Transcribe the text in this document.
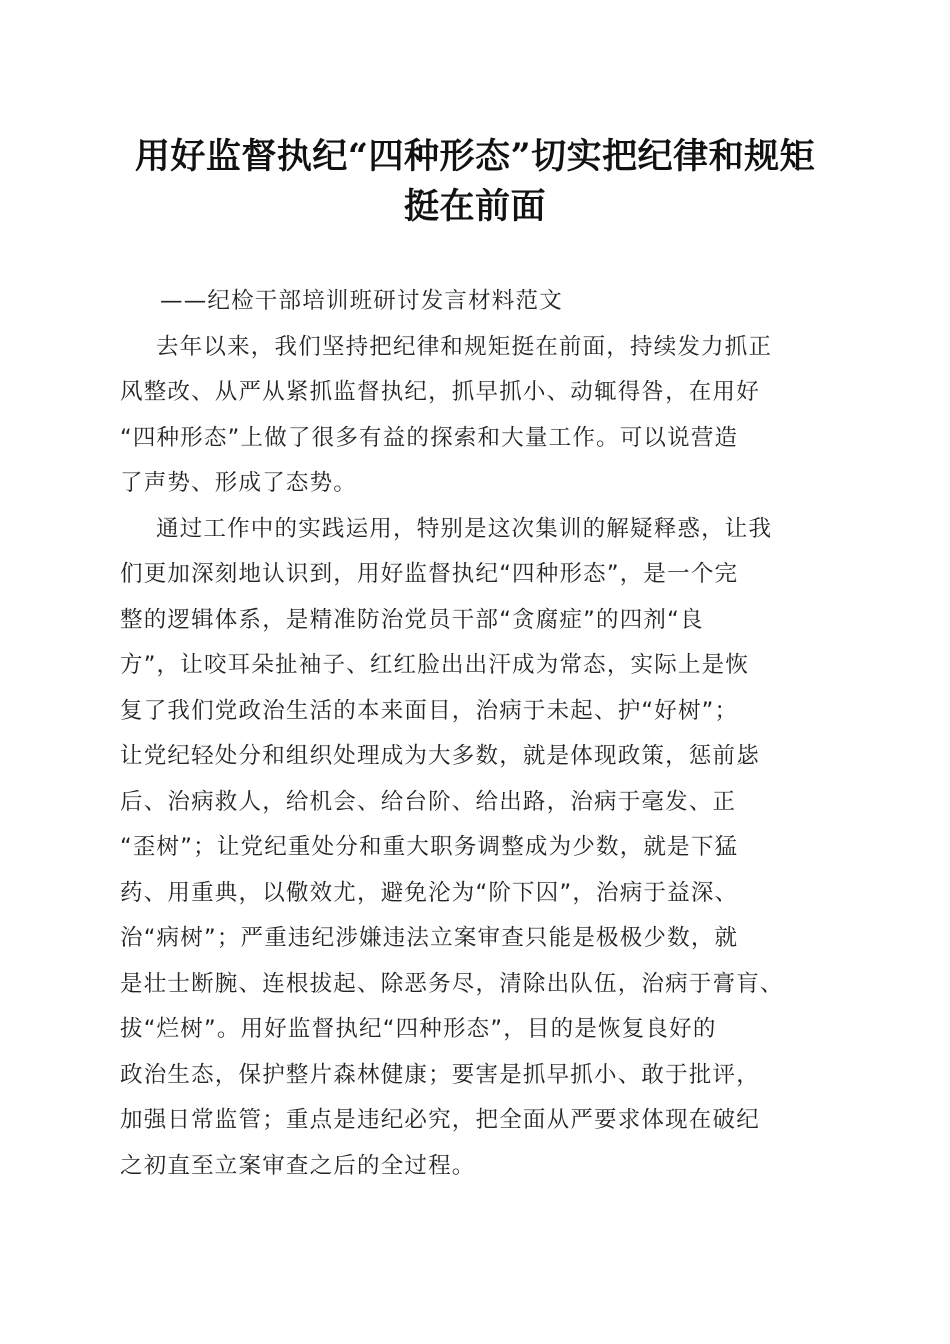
用好监督执纪“四种形态”切实把纪律和规矩
挺在前面
——纪检干部培训班研讨发言材料范文
去年以来，我们坚持把纪律和规矩挺在前面，持续发力抓正
风整改、从严从紧抓监督执纪，抓早抓小、动辄得咎，在用好
“四种形态”上做了很多有益的探索和大量工作。可以说营造
了声势、形成了态势。
通过工作中的实践运用，特别是这次集训的解疑释惑，让我
们更加深刻地认识到，用好监督执纪“四种形态”，是一个完
整的逻辑体系，是精准防治党员干部“贪腐症”的四剂“良
方”，让咬耳朵扯袖子、红红脸出出汗成为常态，实际上是恢
复了我们党政治生活的本来面目，治病于未起、护“好树”；
让党纪轻处分和组织处理成为大多数，就是体现政策，惩前毖
后、治病救人，给机会、给台阶、给出路，治病于毫发、正
“歪树”；让党纪重处分和重大职务调整成为少数，就是下猛
药、用重典，以儆效尤，避免沦为“阶下囚”，治病于益深、
治“病树”；严重违纪涉嫌违法立案审查只能是极极少数，就
是壮士断腕、连根拔起、除恶务尽，清除出队伍，治病于膏肓、
拔“烂树”。用好监督执纪“四种形态”，目的是恢复良好的
政治生态，保护整片森林健康；要害是抓早抓小、敢于批评，
加强日常监管；重点是违纪必究，把全面从严要求体现在破纪
之初直至立案审查之后的全过程。
